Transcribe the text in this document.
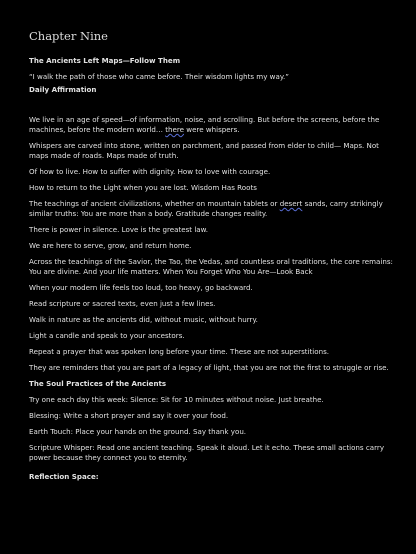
Chapter Nine
The Ancients Left Maps—Follow Them
“I walk the path of those who came before. Their wisdom lights my way.”
Daily Affirmation
We live in an age of speed—of information, noise, and scrolling. But before the screens, before the machines, before the modern world… there were whispers.
Whispers are carved into stone, written on parchment, and passed from elder to child— Maps. Not maps made of roads. Maps made of truth.
Of how to live. How to suffer with dignity. How to love with courage.
How to return to the Light when you are lost. Wisdom Has Roots
The teachings of ancient civilizations, whether on mountain tablets or desert sands, carry strikingly similar truths: You are more than a body. Gratitude changes reality.
There is power in silence. Love is the greatest law.
We are here to serve, grow, and return home.
Across the teachings of the Savior, the Tao, the Vedas, and countless oral traditions, the core remains: You are divine. And your life matters. When You Forget Who You Are—Look Back
When your modern life feels too loud, too heavy, go backward.
Read scripture or sacred texts, even just a few lines.
Walk in nature as the ancients did, without music, without hurry.
Light a candle and speak to your ancestors.
Repeat a prayer that was spoken long before your time. These are not superstitions.
They are reminders that you are part of a legacy of light, that you are not the first to struggle or rise.
The Soul Practices of the Ancients
Try one each day this week: Silence: Sit for 10 minutes without noise. Just breathe.
Blessing: Write a short prayer and say it over your food.
Earth Touch: Place your hands on the ground. Say thank you.
Scripture Whisper: Read one ancient teaching. Speak it aloud. Let it echo. These small actions carry power because they connect you to eternity.
Reflection Space:
